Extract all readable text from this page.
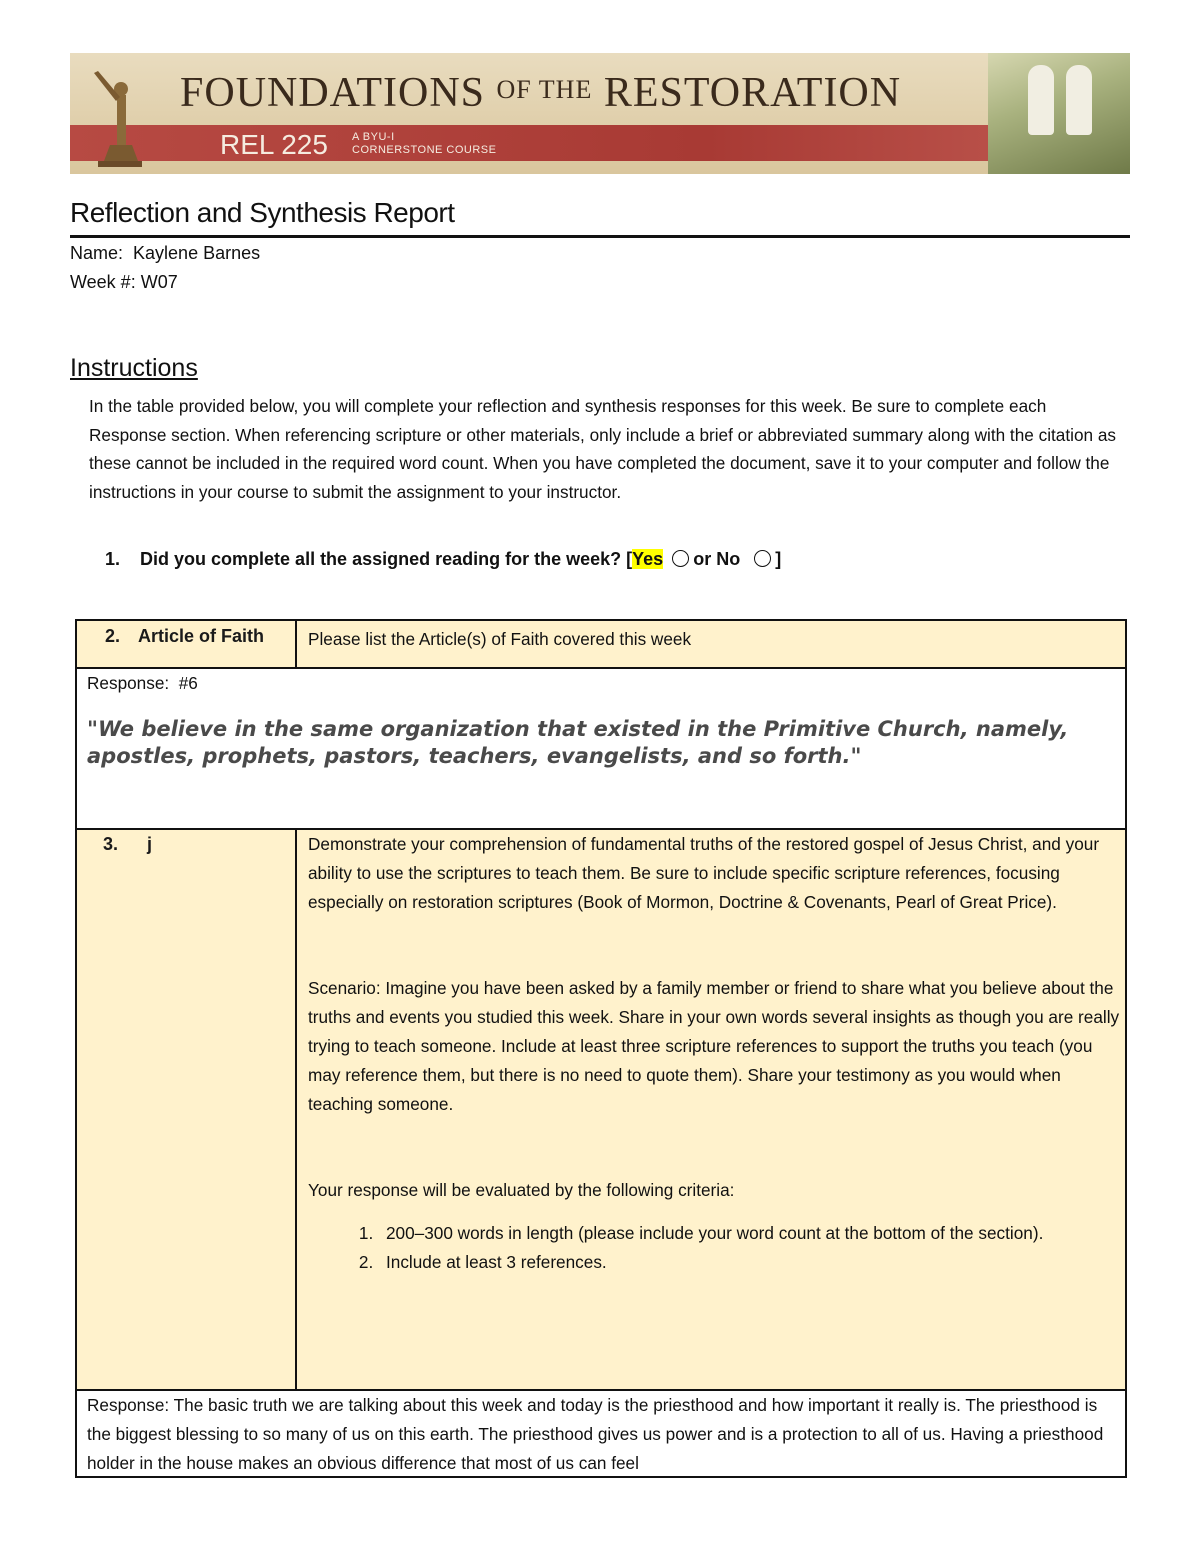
FOUNDATIONS OF THE RESTORATION
REL 225 A BYU-I
CORNERSTONE COURSE
Reflection and Synthesis Report
Name: Kaylene Barnes
Week #: W07
Instructions
In the table provided below, you will complete your reflection and synthesis responses for this week. Be sure to complete each Response section. When referencing scripture or other materials, only include a brief or abbreviated summary along with the citation as these cannot be included in the required word count. When you have completed the document, save it to your computer and follow the instructions in your course to submit the assignment to your instructor.
1. Did you complete all the assigned reading for the week? [Yes or No ]
2. Article of Faith	Please list the Article(s) of Faith covered this week
Response: #6
"We believe in the same organization that existed in the Primitive Church, namely, apostles, prophets, pastors, teachers, evangelists, and so forth."
3. j	Demonstrate your comprehension of fundamental truths of the restored gospel of Jesus Christ, and your ability to use the scriptures to teach them. Be sure to include specific scripture references, focusing especially on restoration scriptures (Book of Mormon, Doctrine & Covenants, Pearl of Great Price).
Scenario: Imagine you have been asked by a family member or friend to share what you believe about the truths and events you studied this week. Share in your own words several insights as though you are really trying to teach someone. Include at least three scripture references to support the truths you teach (you may reference them, but there is no need to quote them). Share your testimony as you would when teaching someone.
Your response will be evaluated by the following criteria:
1. 200–300 words in length (please include your word count at the bottom of the section).
2. Include at least 3 references.
Response: The basic truth we are talking about this week and today is the priesthood and how important it really is. The priesthood is the biggest blessing to so many of us on this earth. The priesthood gives us power and is a protection to all of us. Having a priesthood holder in the house makes an obvious difference that most of us can feel
